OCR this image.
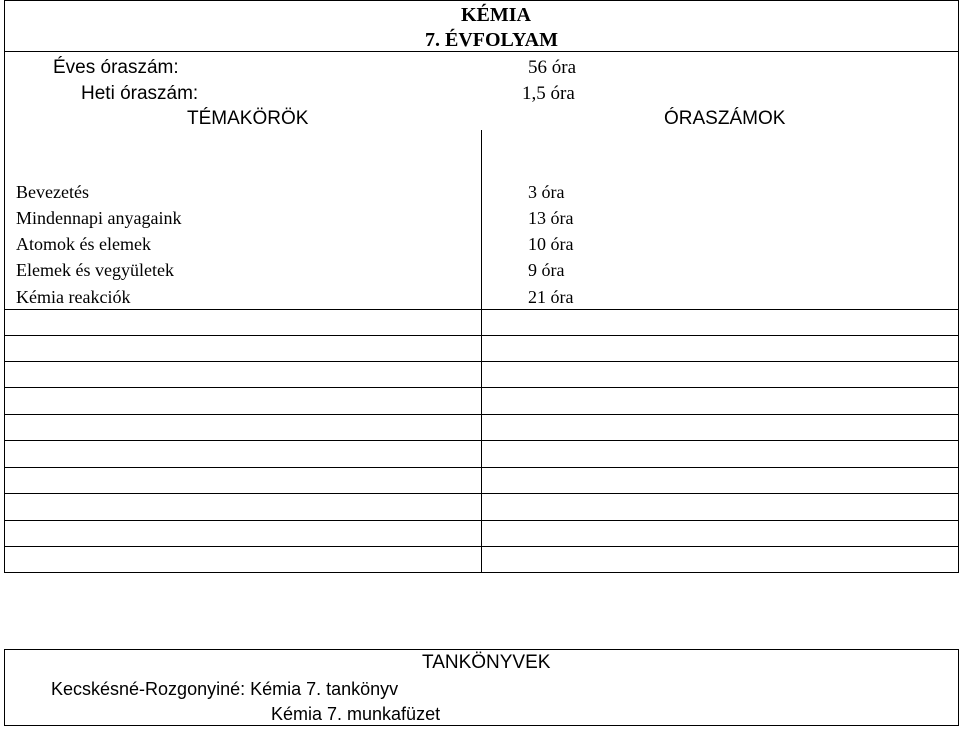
KÉMIA
7. ÉVFOLYAM
Éves óraszám:	56 óra
Heti óraszám:	1,5 óra
TÉMAKÖRÖK	ÓRASZÁMOK
Bevezetés	3 óra
Mindennapi anyagaink	13 óra
Atomok és elemek	10 óra
Elemek és vegyületek	9 óra
Kémia reakciók	21 óra
TANKÖNYVEK
Kecskésné-Rozgonyiné: Kémia 7. tankönyv
Kémia 7. munkafüzet
